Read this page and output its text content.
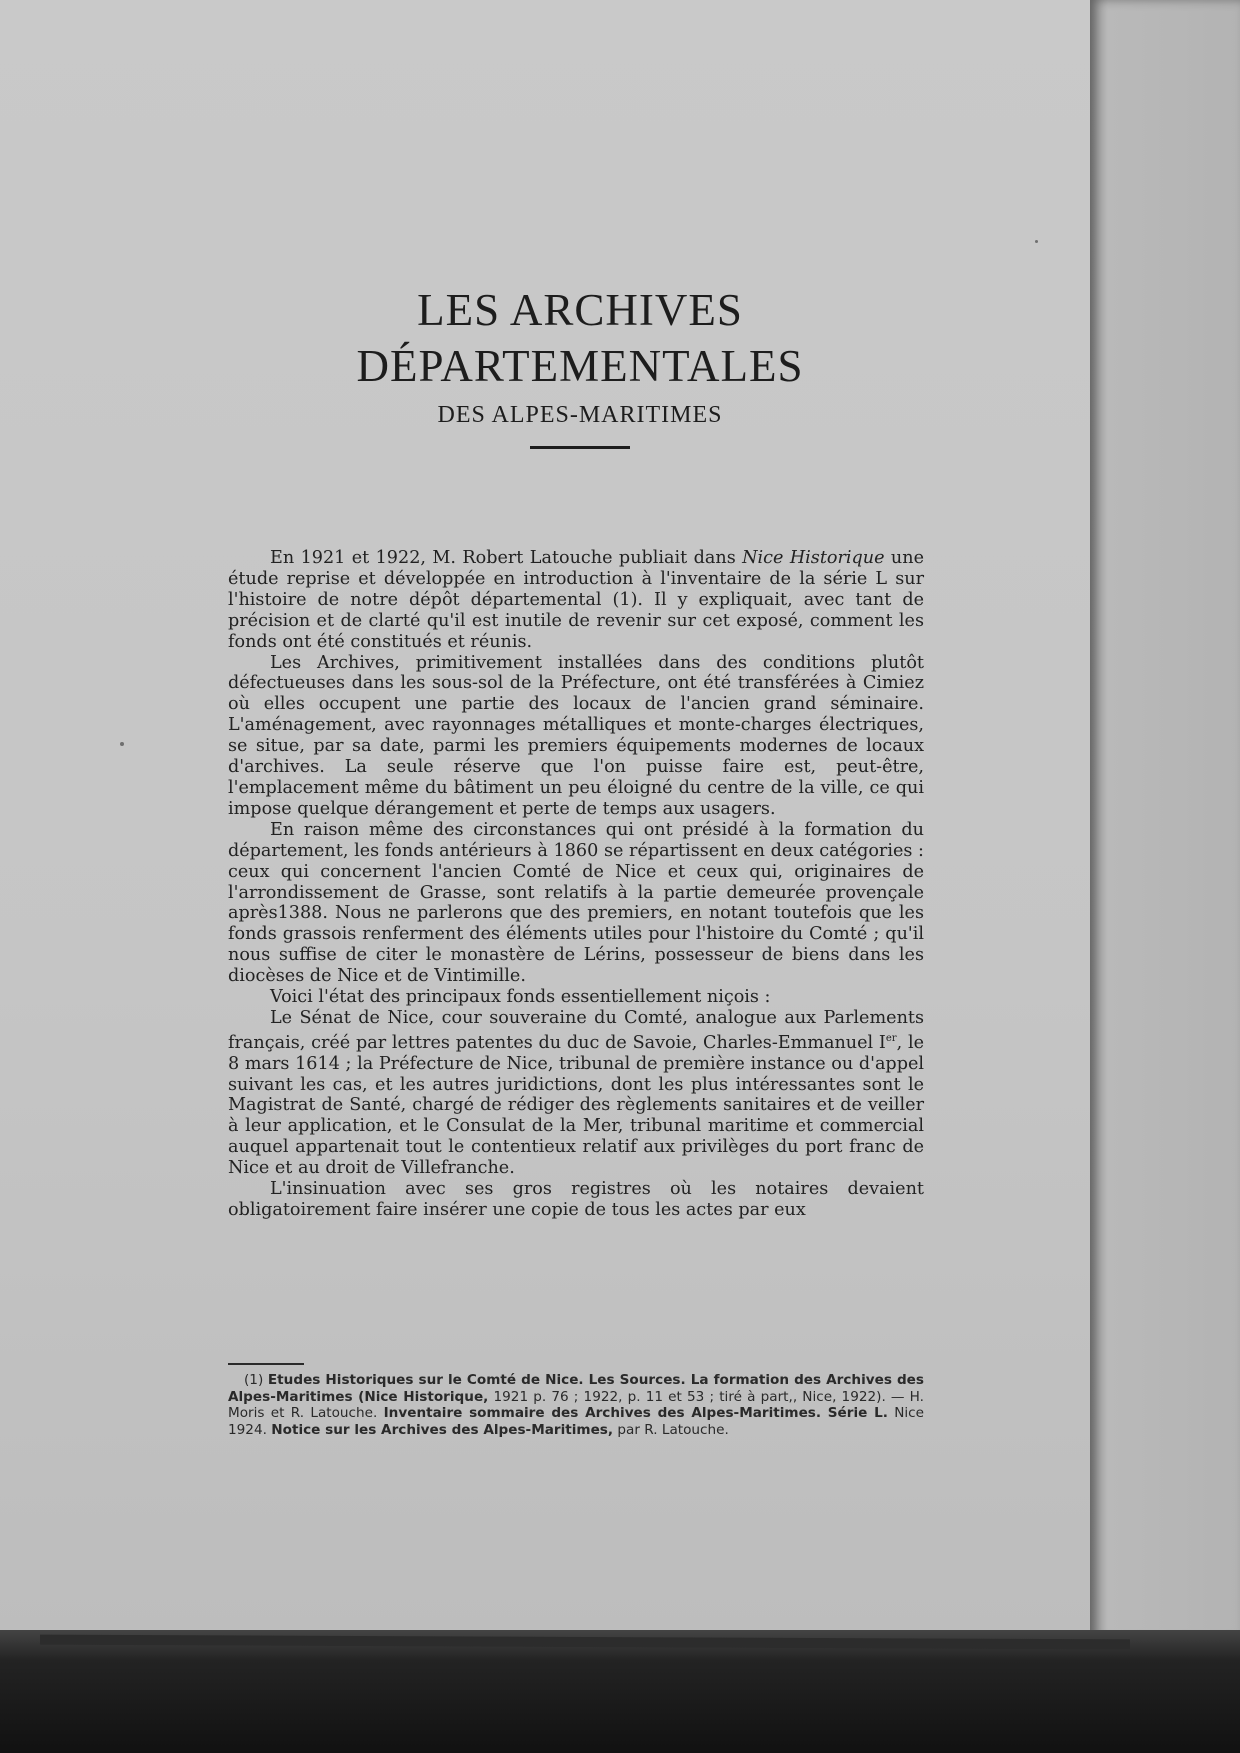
LES ARCHIVES
DÉPARTEMENTALES
DES ALPES-MARITIMES

En 1921 et 1922, M. Robert Latouche publiait dans Nice Historique une étude reprise et développée en introduction à l'inventaire de la série L sur l'histoire de notre dépôt départemental (1). Il y expliquait, avec tant de précision et de clarté qu'il est inutile de revenir sur cet exposé, comment les fonds ont été constitués et réunis.

Les Archives, primitivement installées dans des conditions plutôt défectueuses dans les sous-sol de la Préfecture, ont été transférées à Cimiez où elles occupent une partie des locaux de l'ancien grand séminaire. L'aménagement, avec rayonnages métalliques et monte-charges électriques, se situe, par sa date, parmi les premiers équipements modernes de locaux d'archives. La seule réserve que l'on puisse faire est, peut-être, l'emplacement même du bâtiment un peu éloigné du centre de la ville, ce qui impose quelque dérangement et perte de temps aux usagers.

En raison même des circonstances qui ont présidé à la formation du département, les fonds antérieurs à 1860 se répartissent en deux catégories : ceux qui concernent l'ancien Comté de Nice et ceux qui, originaires de l'arrondissement de Grasse, sont relatifs à la partie demeurée provençale après1388. Nous ne parlerons que des premiers, en notant toutefois que les fonds grassois renferment des éléments utiles pour l'histoire du Comté ; qu'il nous suffise de citer le monastère de Lérins, possesseur de biens dans les diocèses de Nice et de Vintimille.

Voici l'état des principaux fonds essentiellement niçois :

Le Sénat de Nice, cour souveraine du Comté, analogue aux Parlements français, créé par lettres patentes du duc de Savoie, Charles-Emmanuel Ier, le 8 mars 1614 ; la Préfecture de Nice, tribunal de première instance ou d'appel suivant les cas, et les autres juridictions, dont les plus intéressantes sont le Magistrat de Santé, chargé de rédiger des règlements sanitaires et de veiller à leur application, et le Consulat de la Mer, tribunal maritime et commercial auquel appartenait tout le contentieux relatif aux privilèges du port franc de Nice et au droit de Villefranche.

L'insinuation avec ses gros registres où les notaires devaient obligatoirement faire insérer une copie de tous les actes par eux

(1) Etudes Historiques sur le Comté de Nice. Les Sources. La formation des Archives des Alpes-Maritimes (Nice Historique, 1921 p. 76 ; 1922, p. 11 et 53 ; tiré à part,, Nice, 1922). — H. Moris et R. Latouche. Inventaire sommaire des Archives des Alpes-Maritimes. Série L. Nice 1924. Notice sur les Archives des Alpes-Maritimes, par R. Latouche.
